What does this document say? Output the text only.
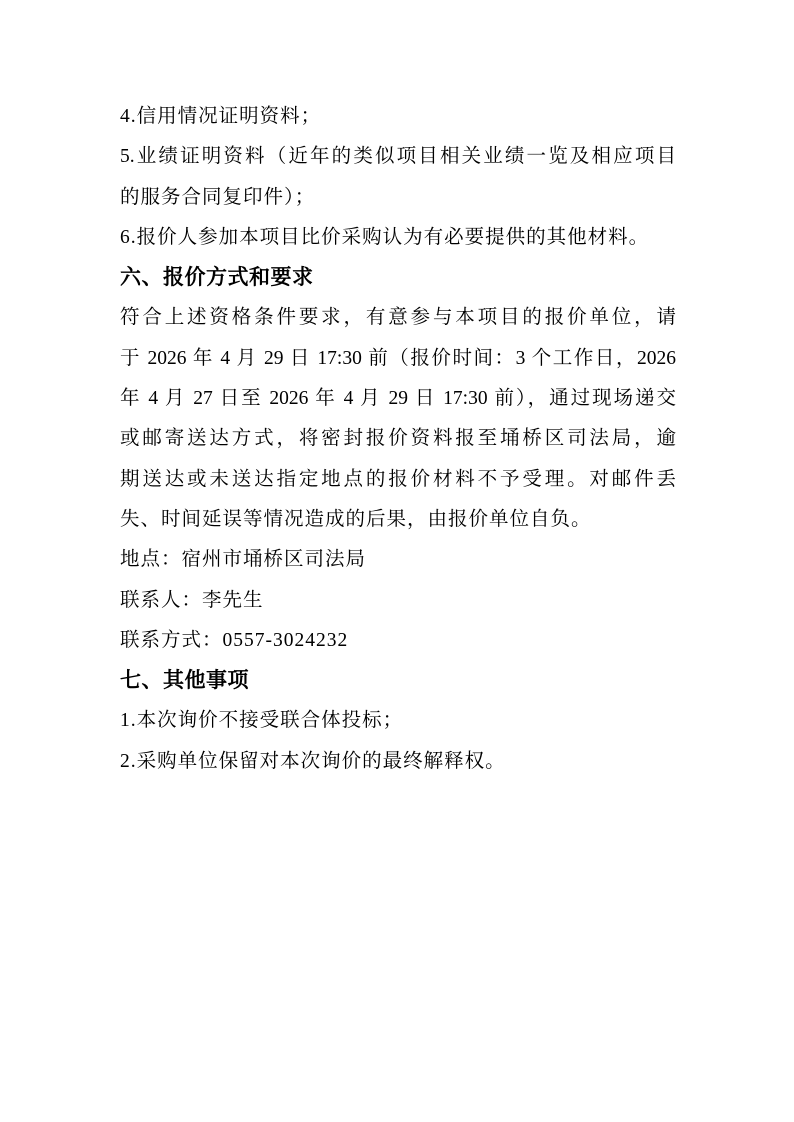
4.信用情况证明资料；
5.业绩证明资料（近年的类似项目相关业绩一览及相应项目
的服务合同复印件）；
6.报价人参加本项目比价采购认为有必要提供的其他材料。
六、报价方式和要求
符合上述资格条件要求，有意参与本项目的报价单位，请
于 2026 年 4 月 29 日 17:30 前（报价时间：3 个工作日，2026
年 4 月 27 日至 2026 年 4 月 29 日 17:30 前），通过现场递交
或邮寄送达方式，将密封报价资料报至埇桥区司法局，逾
期送达或未送达指定地点的报价材料不予受理。对邮件丢
失、时间延误等情况造成的后果，由报价单位自负。
地点：宿州市埇桥区司法局
联系人：李先生
联系方式：0557-3024232
七、其他事项
1.本次询价不接受联合体投标；
2.采购单位保留对本次询价的最终解释权。
